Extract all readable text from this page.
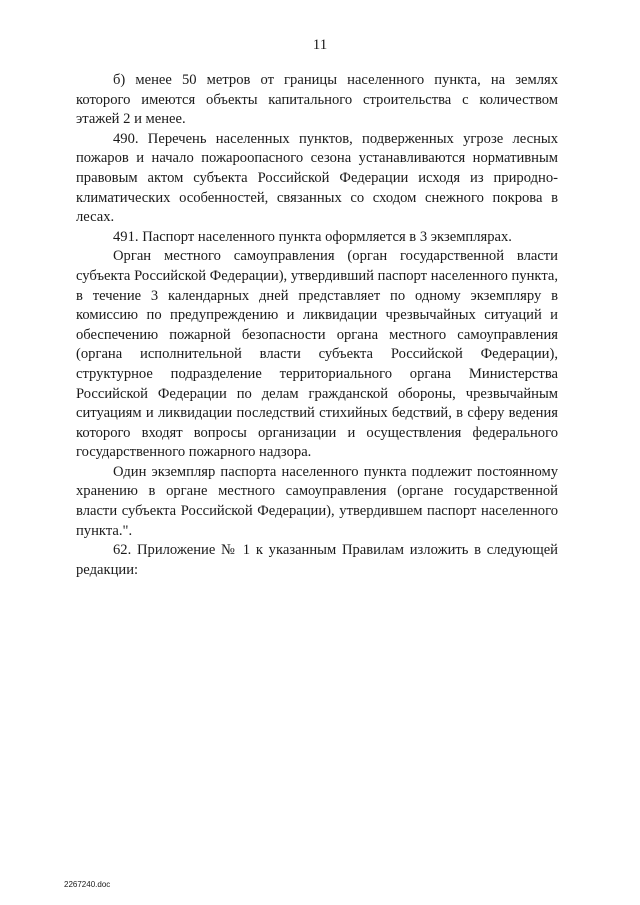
11

б) менее 50 метров от границы населенного пункта, на землях которого имеются объекты капитального строительства с количеством этажей 2 и менее.

490. Перечень населенных пунктов, подверженных угрозе лесных пожаров и начало пожароопасного сезона устанавливаются нормативным правовым актом субъекта Российской Федерации исходя из природно-климатических особенностей, связанных со сходом снежного покрова в лесах.

491. Паспорт населенного пункта оформляется в 3 экземплярах.

Орган местного самоуправления (орган государственной власти субъекта Российской Федерации), утвердивший паспорт населенного пункта, в течение 3 календарных дней представляет по одному экземпляру в комиссию по предупреждению и ликвидации чрезвычайных ситуаций и обеспечению пожарной безопасности органа местного самоуправления (органа исполнительной власти субъекта Российской Федерации), структурное подразделение территориального органа Министерства Российской Федерации по делам гражданской обороны, чрезвычайным ситуациям и ликвидации последствий стихийных бедствий, в сферу ведения которого входят вопросы организации и осуществления федерального государственного пожарного надзора.

Один экземпляр паспорта населенного пункта подлежит постоянному хранению в органе местного самоуправления (органе государственной власти субъекта Российской Федерации), утвердившем паспорт населенного пункта.".

62. Приложение № 1 к указанным Правилам изложить в следующей редакции:

2267240.doc
